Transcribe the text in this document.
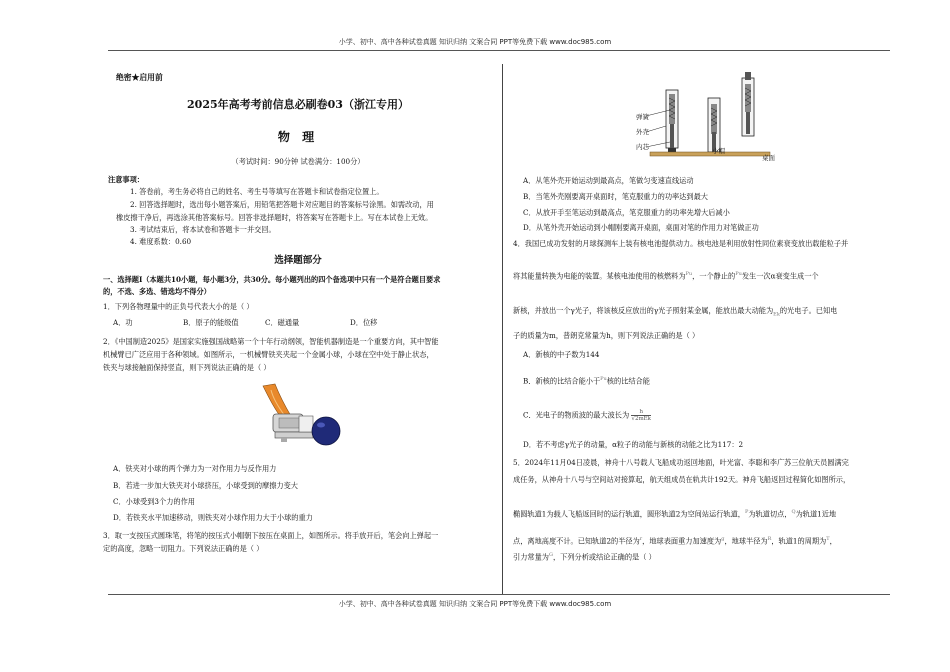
小学、初中、高中各种试卷真题 知识归纳 文案合同 PPT等免费下载 www.doc985.com
小学、初中、高中各种试卷真题 知识归纳 文案合同 PPT等免费下载 www.doc985.com
绝密★启用前
2025年高考考前信息必刷卷03（浙江专用）
物 理
（考试时间：90分钟 试卷满分：100分）
注意事项：
1. 答卷前，考生务必将自己的姓名、考生号等填写在答题卡和试卷指定位置上。
2. 回答选择题时，选出每小题答案后，用铅笔把答题卡对应题目的答案标号涂黑。如需改动，用
橡皮擦干净后，再选涂其他答案标号。回答非选择题时，将答案写在答题卡上。写在本试卷上无效。
3. 考试结束后，将本试卷和答题卡一并交回。
4. 难度系数：0.60
选择题部分
一、选择题Ⅰ（本题共10小题，每小题3分，共30分。每小题列出的四个备选项中只有一个是符合题目要求
的，不选、多选、错选均不得分）
1．下列各物理量中的正负号代表大小的是（ ）
A．功	B．原子的能级值	C．磁通量	D．位移
2．《中国制造2025》是国家实施强国战略第一个十年行动纲领，智能机器制造是一个重要方向，其中智能
机械臂已广泛应用于各种领域。如图所示，一机械臂铁夹夹起一个金属小球，小球在空中处于静止状态，
铁夹与球接触面保持竖直，则下列说法正确的是（ ）
A．铁夹对小球的两个弹力为一对作用力与反作用力
B．若进一步加大铁夹对小球挤压，小球受到的摩擦力变大
C．小球受到3个力的作用
D．若铁夹水平加速移动，则铁夹对小球作用力大于小球的重力
3．取一支按压式圆珠笔，将笔的按压式小帽朝下按压在桌面上，如图所示。将手放开后，笔会向上弹起一
定的高度，忽略一切阻力。下列说法正确的是（ ）
弹簧
外壳
内芯	小帽
桌面
A．从笔外壳开始运动到最高点，笔做匀变速直线运动
B．当笔外壳刚要离开桌面时，笔克服重力的功率达到最大
C．从放开手至笔运动到最高点，笔克服重力的功率先增大后减小
D．从笔外壳开始运动到小帽刚要离开桌面，桌面对笔的作用力对笔做正功
4．我国已成功发射的月球探测车上装有核电池提供动力。核电池是利用放射性同位素衰变放出载能粒子并
将其能量转换为电能的装置。某核电池使用的核燃料为$^{Pu}$，一个静止的$^{Pu}$发生一次α衰变生成一个
新核，并放出一个γ光子，将该核反应放出的γ光子照射某金属，能放出最大动能为$_{Ek}$的光电子。已知电
子的质量为m，普朗克常量为h，则下列说法正确的是（ ）
A．新核的中子数为144
B．新核的比结合能小于$^{Pu}$核的比结合能
C．光电子的物质波的最大波长为	h
√2mEk
D．若不考虑γ光子的动量，α粒子的动能与新核的动能之比为117：2
5．2024年11月04日凌晨，神舟十八号载人飞船成功返回地面，叶光富、李聪和李广苏三位航天员圆满完
成任务，从神舟十八号与空间站对接算起，航天组成员在轨共计192天。神舟飞船返回过程简化如图所示，
椭圆轨道1为载人飞船返回时的运行轨道，圆形轨道2为空间站运行轨道，$^P$为轨道切点，$^Q$为轨道1近地
点，离地高度不计。已知轨道2的半径为$^r$，地球表面重力加速度为$^g$，地球半径为$^R$，轨道1的周期为$^T$，
引力常量为$^G$，下列分析或结论正确的是（ ）
